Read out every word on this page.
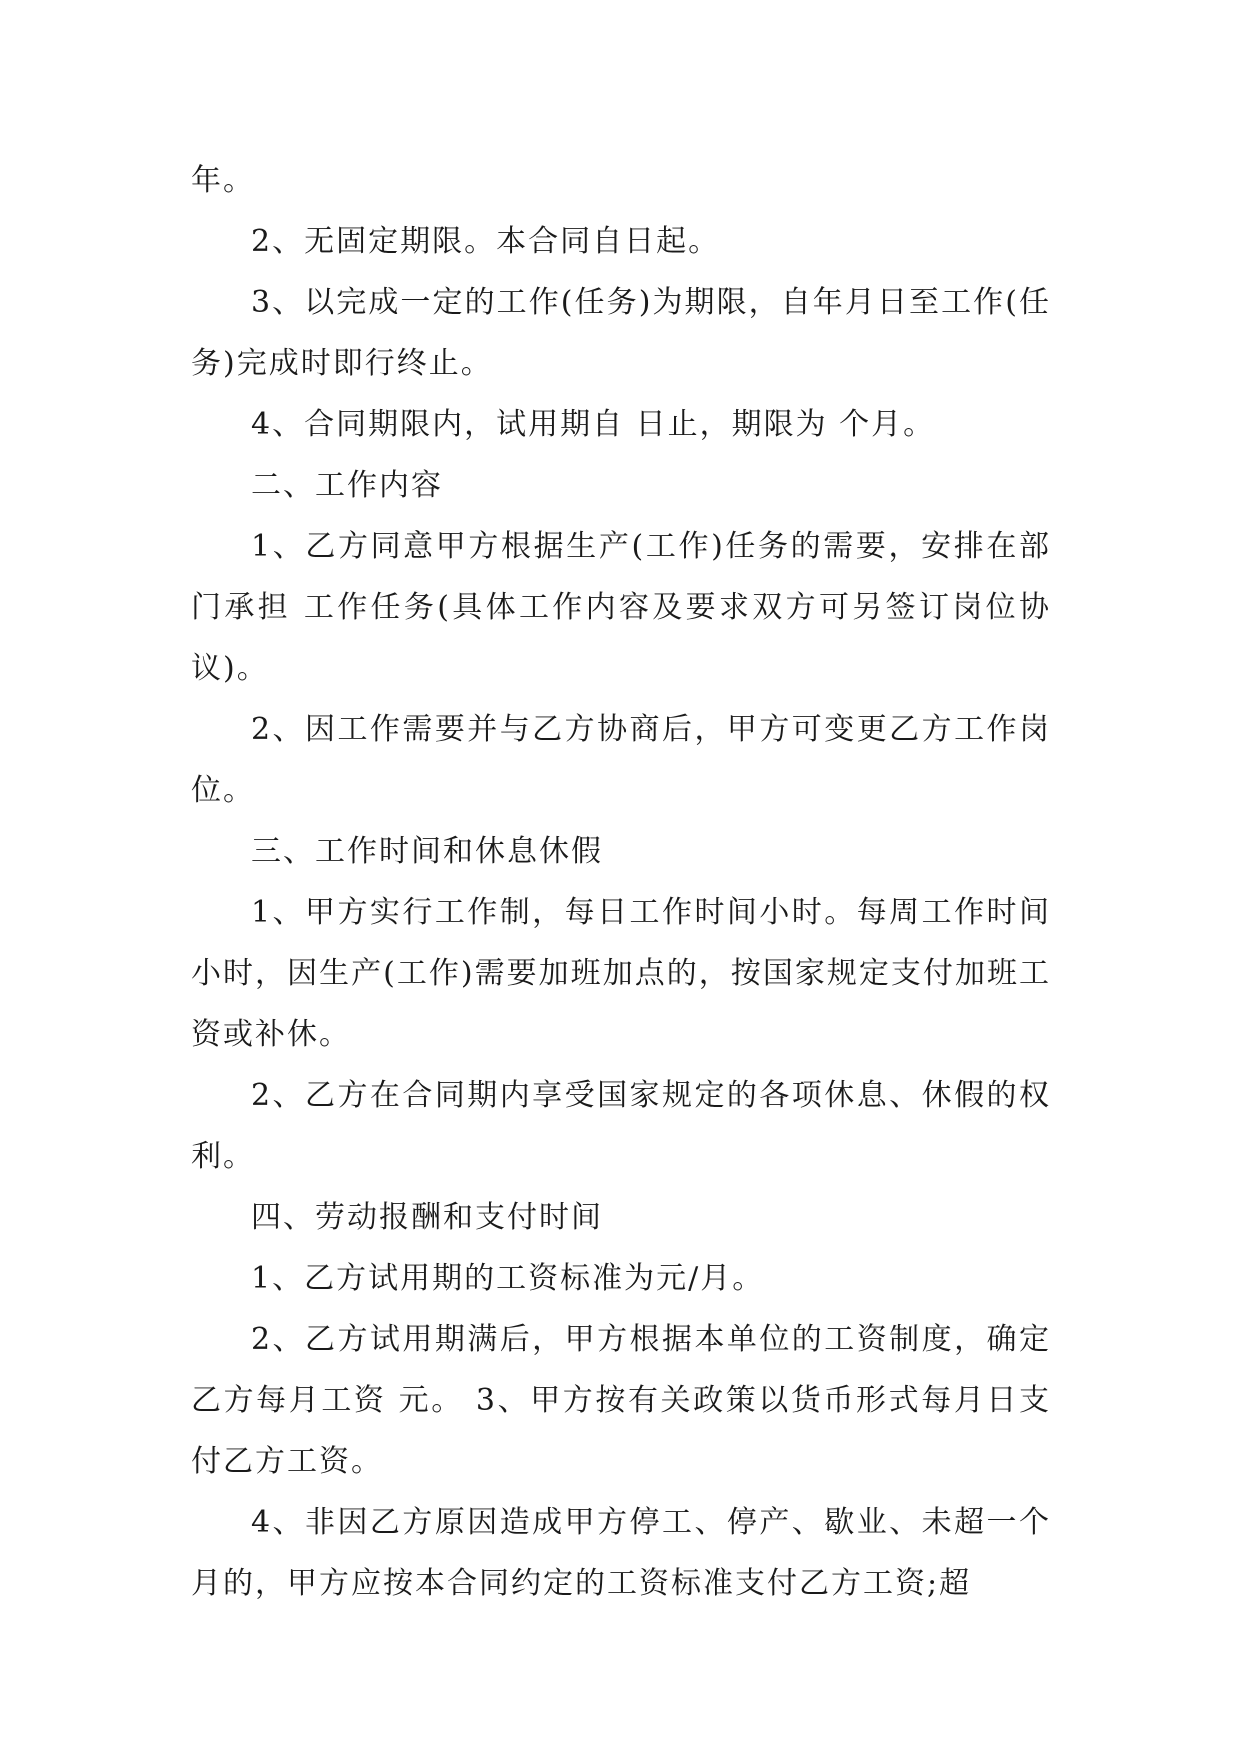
年。

2、无固定期限。本合同自日起。

3、以完成一定的工作(任务)为期限，自年月日至工作(任务)完成时即行终止。

4、合同期限内，试用期自 日止，期限为 个月。

二、工作内容

1、乙方同意甲方根据生产(工作)任务的需要，安排在部门承担 工作任务(具体工作内容及要求双方可另签订岗位协议)。

2、因工作需要并与乙方协商后，甲方可变更乙方工作岗位。

三、工作时间和休息休假

1、甲方实行工作制，每日工作时间小时。每周工作时间小时，因生产(工作)需要加班加点的，按国家规定支付加班工资或补休。

2、乙方在合同期内享受国家规定的各项休息、休假的权利。

四、劳动报酬和支付时间

1、乙方试用期的工资标准为元/月。

2、乙方试用期满后，甲方根据本单位的工资制度，确定乙方每月工资 元。 3、甲方按有关政策以货币形式每月日支付乙方工资。

4、非因乙方原因造成甲方停工、停产、歇业、未超一个月的，甲方应按本合同约定的工资标准支付乙方工资;超
